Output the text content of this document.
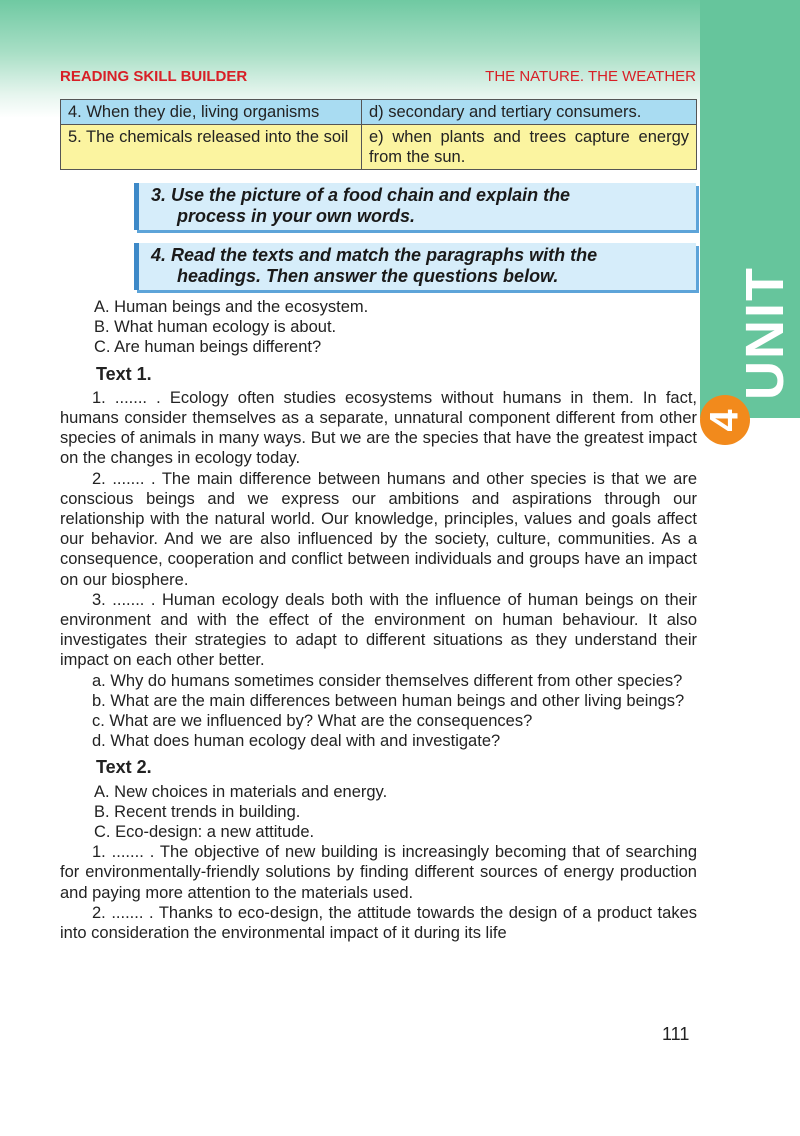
UNIT
4
READING SKILL BUILDER	THE NATURE. THE WEATHER
4. When they die, living organisms	d) secondary and tertiary consumers.
5. The chemicals released into the soil	e) when plants and trees capture energy from the sun.
3. Use the picture of a food chain and explain the
process in your own words.
4. Read the texts and match the paragraphs with the
headings. Then answer the questions below.

A. Human beings and the ecosystem.

B. What human ecology is about.

C. Are human beings different?

Text 1.

1. ....... . Ecology often studies ecosystems without humans in them. In fact, humans consider themselves as a separate, unnatural component different from other species of animals in many ways. But we are the species that have the greatest impact on the changes in ecology today.

2. ....... . The main difference between humans and other species is that we are conscious beings and we express our ambitions and aspirations through our relationship with the natural world. Our knowledge, principles, values and goals affect our behavior. And we are also influenced by the society, culture, communities. As a consequence, cooperation and conflict between individuals and groups have an impact on our biosphere.

3. ....... . Human ecology deals both with the influence of human beings on their environment and with the effect of the environment on human behaviour. It also investigates their strategies to adapt to different situations as they understand their impact on each other better.

a. Why do humans sometimes consider themselves different from other species?

b. What are the main differences between human beings and other living beings?

c. What are we influenced by? What are the consequences?

d. What does human ecology deal with and investigate?

Text 2.

A. New choices in materials and energy.

B. Recent trends in building.

C. Eco-design: a new attitude.

1. ....... . The objective of new building is increasingly becoming that of searching for environmentally-friendly solutions by finding different sources of energy production and paying more attention to the materials used.

2. ....... . Thanks to eco-design, the attitude towards the design of a product takes into consideration the environmental impact of it during its life

111
